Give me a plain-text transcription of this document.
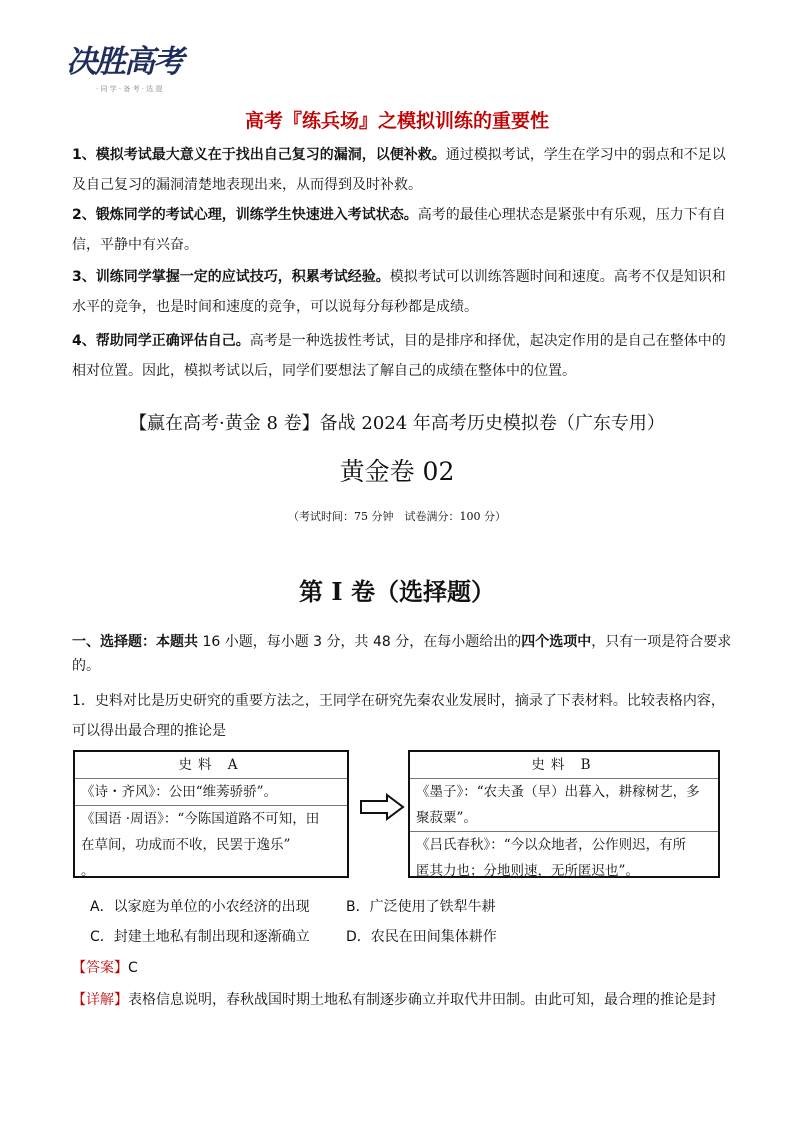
决胜高考
· 同 学 · 备 考 · 选 提
高考『练兵场』之模拟训练的重要性
1、模拟考试最大意义在于找出自己复习的漏洞，以便补救。通过模拟考试，学生在学习中的弱点和不足以及自己复习的漏洞清楚地表现出来，从而得到及时补救。
2、锻炼同学的考试心理，训练学生快速进入考试状态。高考的最佳心理状态是紧张中有乐观，压力下有自信，平静中有兴奋。
3、训练同学掌握一定的应试技巧，积累考试经验。模拟考试可以训练答题时间和速度。高考不仅是知识和水平的竞争，也是时间和速度的竞争，可以说每分每秒都是成绩。
4、帮助同学正确评估自己。高考是一种选拔性考试，目的是排序和择优，起决定作用的是自己在整体中的相对位置。因此，模拟考试以后，同学们要想法了解自己的成绩在整体中的位置。
【赢在高考·黄金 8 卷】备战 2024 年高考历史模拟卷（广东专用）
黄金卷 02
（考试时间：75 分钟　试卷满分：100 分）
第 I 卷（选择题）
一、选择题：本题共 16 小题，每小题 3 分，共 48 分，在每小题给出的四个选项中，只有一项是符合要求
的。
1．史料对比是历史研究的重要方法之，王同学在研究先秦农业发展时，摘录了下表材料。比较表格内容，
可以得出最合理的推论是
史料 A
《诗・齐风》：公田“维莠骄骄”。

《国语 ·周语》：“今陈国道路不可知，田
在草间，功成而不收，民罢于逸乐”
。
史料 B

《墨子》：“农夫蚤（早）出暮入，耕稼树艺，多
聚菽粟”。

《吕氏春秋》：“今以众地者，公作则迟，有所
匿其力也；分地则速，无所匿迟也”。
A．以家庭为单位的小农经济的出现	B．广泛使用了铁犁牛耕
C．封建土地私有制出现和逐渐确立	D．农民在田间集体耕作
【答案】C
【详解】表格信息说明，春秋战国时期土地私有制逐步确立并取代井田制。由此可知，最合理的推论是封
